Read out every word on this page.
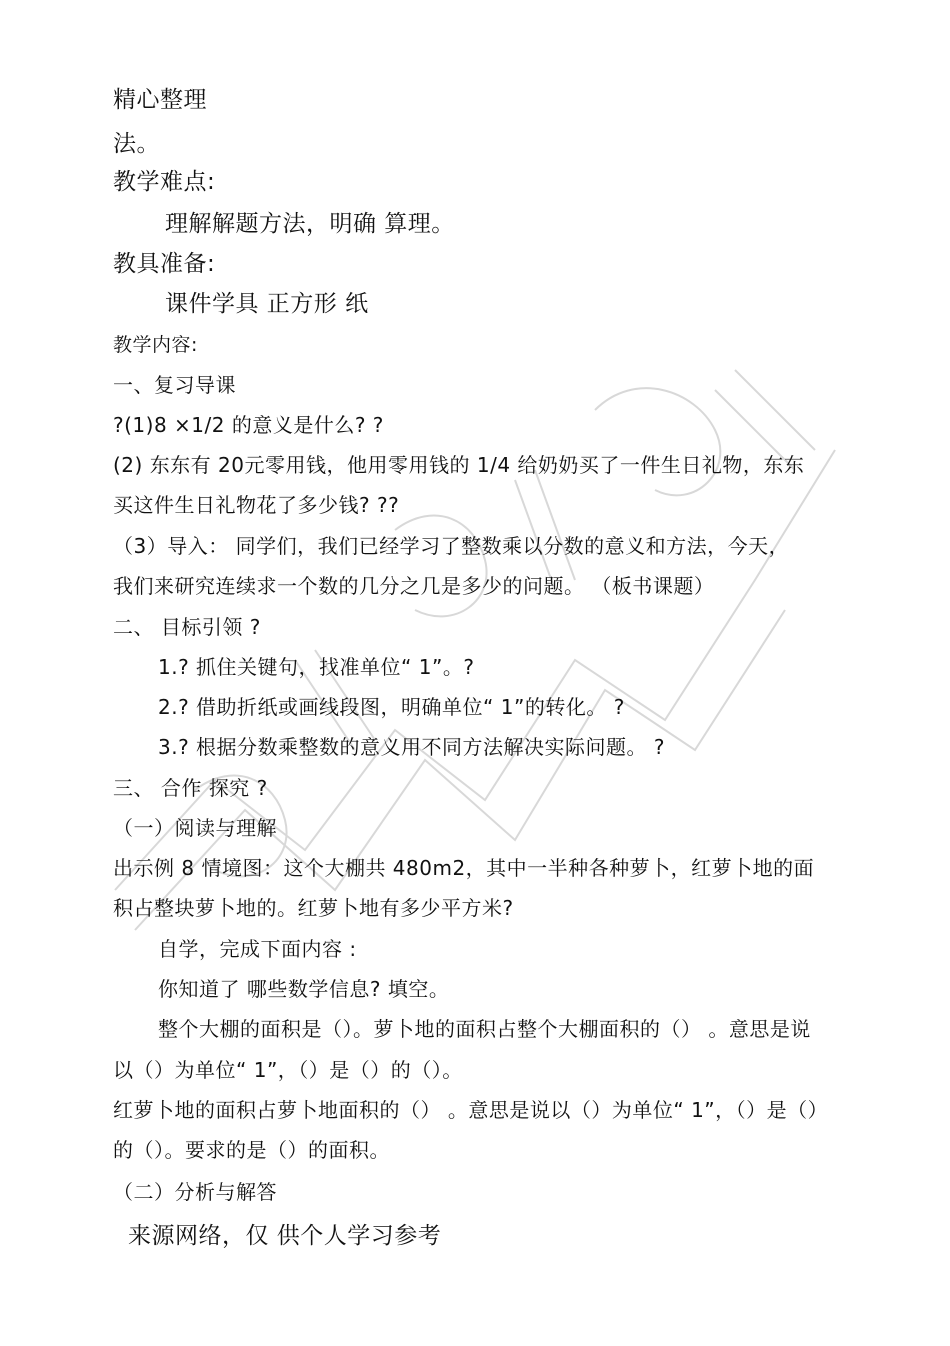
精心整理
法。
教学难点:
理解解题方法，明确 算理。
教具准备:
课件学具 正方形 纸
教学内容:
一、复习导课
?(1)8 ×1/2 的意义是什么? ?
(2) 东东有 20元零用钱，他用零用钱的 1/4 给奶奶买了一件生日礼物，东东
买这件生日礼物花了多少钱? ??
（3）导入： 同学们，我们已经学习了整数乘以分数的意义和方法，今天，
我们来研究连续求一个数的几分之几是多少的问题。 （板书课题）
二、 目标引领 ?
1.? 抓住关键句，找准单位“ 1”。?
2.? 借助折纸或画线段图，明确单位“ 1”的转化。 ?
3.? 根据分数乘整数的意义用不同方法解决实际问题。 ?
三、 合作 探究 ?
（一）阅读与理解
出示例 8 情境图：这个大棚共 480m2，其中一半种各种萝卜，红萝卜地的面
积占整块萝卜地的。红萝卜地有多少平方米?
自学，完成下面内容 :
你知道了 哪些数学信息? 填空。
整个大棚的面积是（）。萝卜地的面积占整个大棚面积的（） 。意思是说
以（）为单位“ 1”，（）是（）的（）。
红萝卜地的面积占萝卜地面积的（） 。意思是说以（）为单位“ 1”，（）是（）
的（）。要求的是（）的面积。
（二）分析与解答
来源网络，仅 供个人学习参考
